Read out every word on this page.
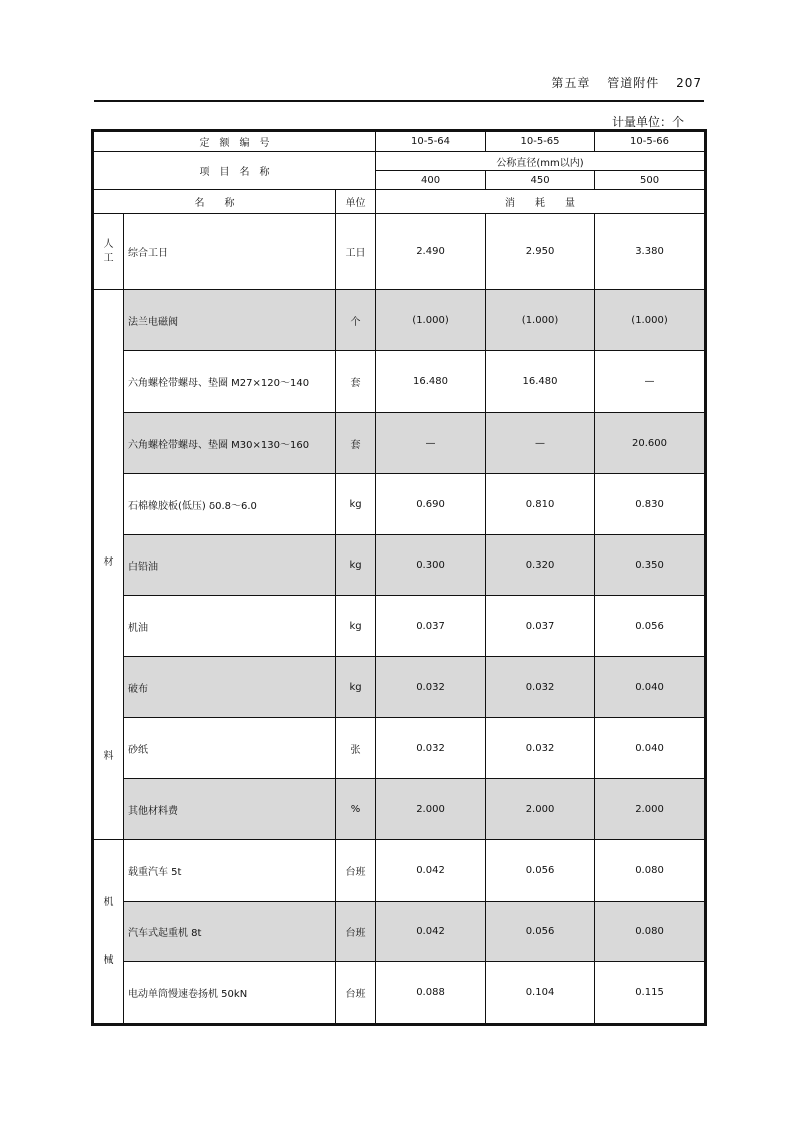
第五章 管道附件 207
计量单位：个
定　额　编　号			10-5-64	10-5-65	10-5-66
项　目　名　称			公称直径(mm以内)		
			400	450	500
名　　称		单位	消　　耗　　量		

人
工	综合工日	工日	2.490	2.950	3.380

材
料	法兰电磁阀	个	(1.000)	(1.000)	(1.000)
	六角螺栓带螺母、垫圈 M27×120～140	套	16.480	16.480	—
	六角螺栓带螺母、垫圈 M30×130～160	套	—	—	20.600
	石棉橡胶板(低压) δ0.8～6.0	kg	0.690	0.810	0.830
	白铅油	kg	0.300	0.320	0.350
	机油	kg	0.037	0.037	0.056
	破布	kg	0.032	0.032	0.040
	砂纸	张	0.032	0.032	0.040
	其他材料费	%	2.000	2.000	2.000

机
械	载重汽车 5t	台班	0.042	0.056	0.080
	汽车式起重机 8t	台班	0.042	0.056	0.080
	电动单筒慢速卷扬机 50kN	台班	0.088	0.104	0.115
